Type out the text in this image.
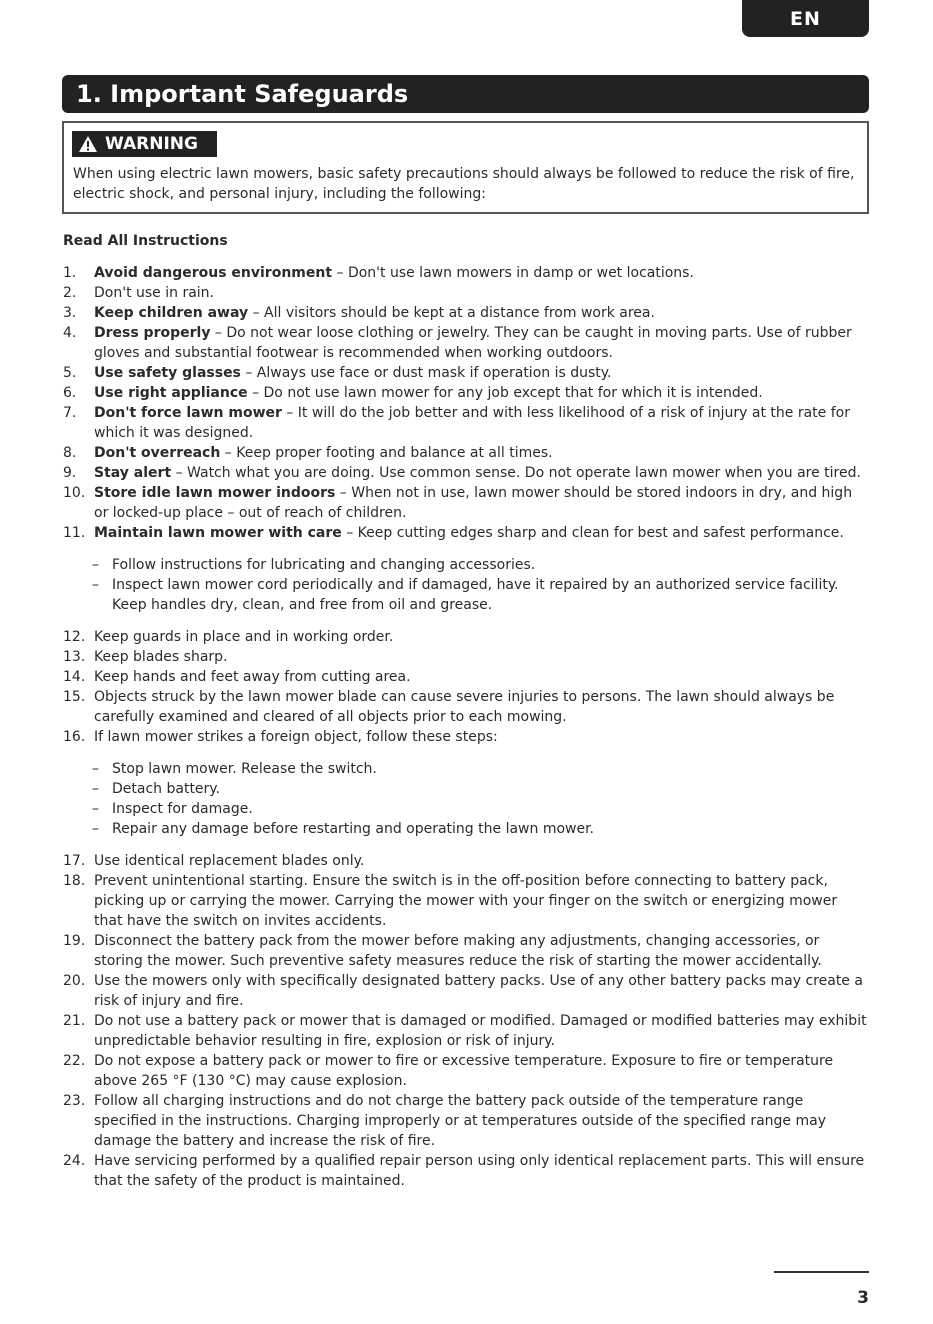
EN
1. Important Safeguards
WARNING
When using electric lawn mowers, basic safety precautions should always be followed to reduce the risk of fire, electric shock, and personal injury, including the following:
Read All Instructions
1.	Avoid dangerous environment – Don't use lawn mowers in damp or wet locations.
2.	Don't use in rain.
3.	Keep children away – All visitors should be kept at a distance from work area.
4.	Dress properly – Do not wear loose clothing or jewelry. They can be caught in moving parts. Use of rubber gloves and substantial footwear is recommended when working outdoors.
5.	Use safety glasses – Always use face or dust mask if operation is dusty.
6.	Use right appliance – Do not use lawn mower for any job except that for which it is intended.
7.	Don't force lawn mower – It will do the job better and with less likelihood of a risk of injury at the rate for which it was designed.
8.	Don't overreach – Keep proper footing and balance at all times.
9.	Stay alert – Watch what you are doing. Use common sense. Do not operate lawn mower when you are tired.
10. Store idle lawn mower indoors – When not in use, lawn mower should be stored indoors in dry, and high or locked-up place – out of reach of children.
11. Maintain lawn mower with care – Keep cutting edges sharp and clean for best and safest performance.
– Follow instructions for lubricating and changing accessories.
– Inspect lawn mower cord periodically and if damaged, have it repaired by an authorized service facility. Keep handles dry, clean, and free from oil and grease.
12. Keep guards in place and in working order.
13. Keep blades sharp.
14. Keep hands and feet away from cutting area.
15. Objects struck by the lawn mower blade can cause severe injuries to persons. The lawn should always be carefully examined and cleared of all objects prior to each mowing.
16. If lawn mower strikes a foreign object, follow these steps:
– Stop lawn mower. Release the switch.
– Detach battery.
– Inspect for damage.
– Repair any damage before restarting and operating the lawn mower.
17. Use identical replacement blades only.
18. Prevent unintentional starting. Ensure the switch is in the off-position before connecting to battery pack, picking up or carrying the mower. Carrying the mower with your finger on the switch or energizing mower that have the switch on invites accidents.
19. Disconnect the battery pack from the mower before making any adjustments, changing accessories, or storing the mower. Such preventive safety measures reduce the risk of starting the mower accidentally.
20. Use the mowers only with specifically designated battery packs. Use of any other battery packs may create a risk of injury and fire.
21. Do not use a battery pack or mower that is damaged or modified. Damaged or modified batteries may exhibit unpredictable behavior resulting in fire, explosion or risk of injury.
22. Do not expose a battery pack or mower to fire or excessive temperature. Exposure to fire or temperature above 265 °F (130 °C) may cause explosion.
23. Follow all charging instructions and do not charge the battery pack outside of the temperature range specified in the instructions. Charging improperly or at temperatures outside of the specified range may damage the battery and increase the risk of fire.
24. Have servicing performed by a qualified repair person using only identical replacement parts. This will ensure that the safety of the product is maintained.
3
